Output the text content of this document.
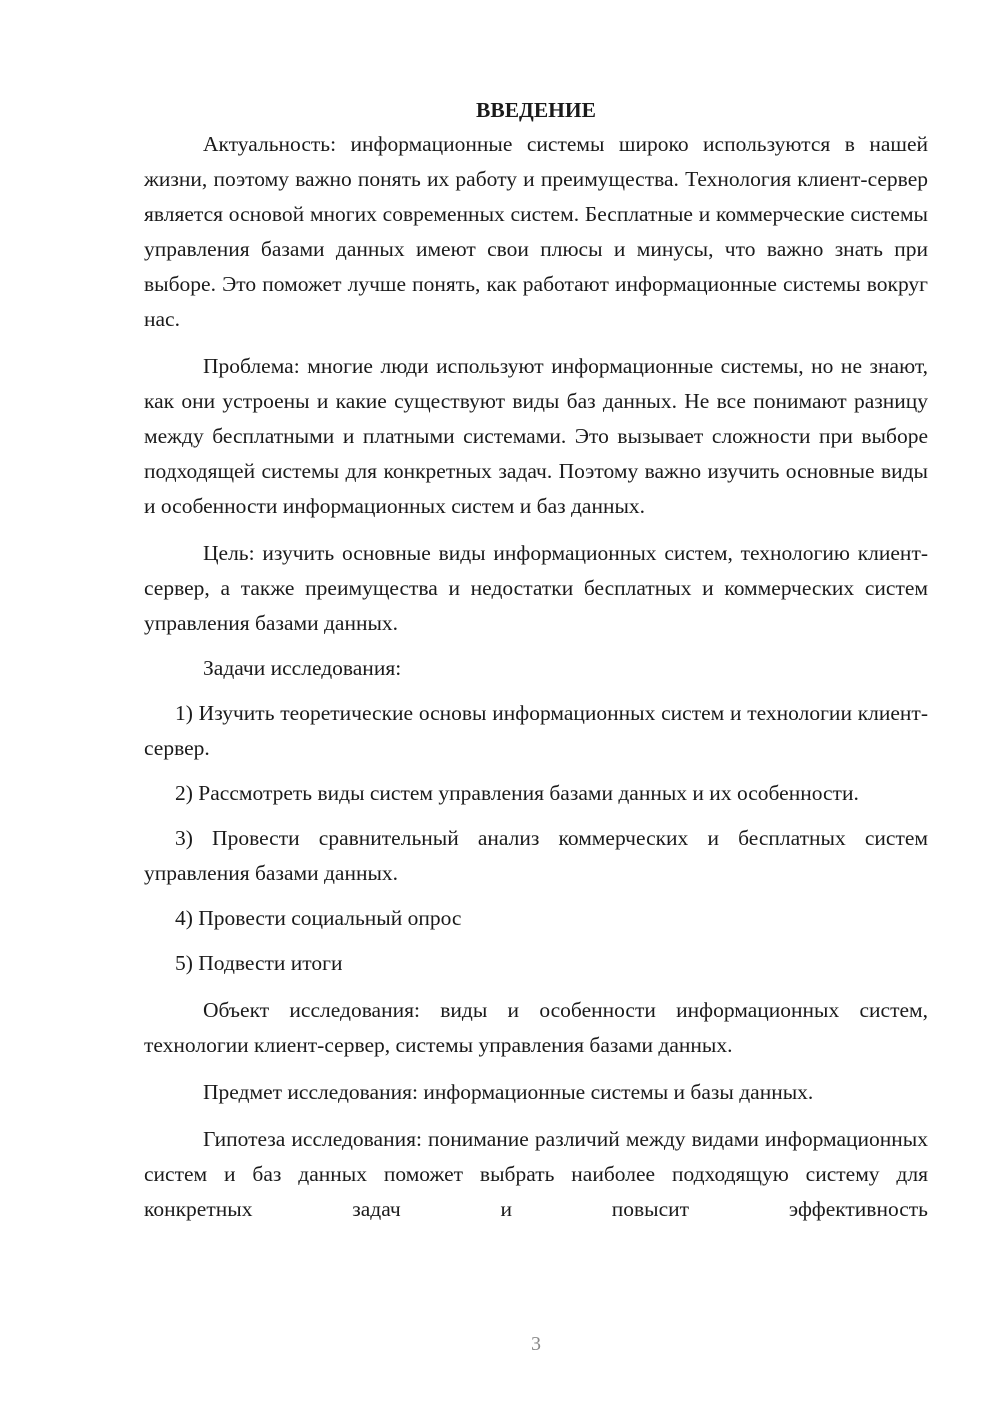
ВВЕДЕНИЕ

Актуальность: информационные системы широко используются в нашей жизни, поэтому важно понять их работу и преимущества. Технология клиент-сервер является основой многих современных систем. Бесплатные и коммерческие системы управления базами данных имеют свои плюсы и минусы, что важно знать при выборе. Это поможет лучше понять, как работают информационные системы вокруг нас.

Проблема: многие люди используют информационные системы, но не знают, как они устроены и какие существуют виды баз данных. Не все понимают разницу между бесплатными и платными системами. Это вызывает сложности при выборе подходящей системы для конкретных задач. Поэтому важно изучить основные виды и особенности информационных систем и баз данных.

Цель: изучить основные виды информационных систем, технологию клиент-сервер, а также преимущества и недостатки бесплатных и коммерческих систем управления базами данных.

Задачи исследования:

1) Изучить теоретические основы информационных систем и технологии клиент-сервер.

2) Рассмотреть виды систем управления базами данных и их особенности.

3) Провести сравнительный анализ коммерческих и бесплатных систем управления базами данных.

4) Провести социальный опрос

5) Подвести итоги

Объект исследования: виды и особенности информационных систем, технологии клиент-сервер, системы управления базами данных.

Предмет исследования: информационные системы и базы данных.

Гипотеза исследования: понимание различий между видами информационных систем и баз данных поможет выбрать наиболее подходящую систему для конкретных задач и повысит эффективность

3
